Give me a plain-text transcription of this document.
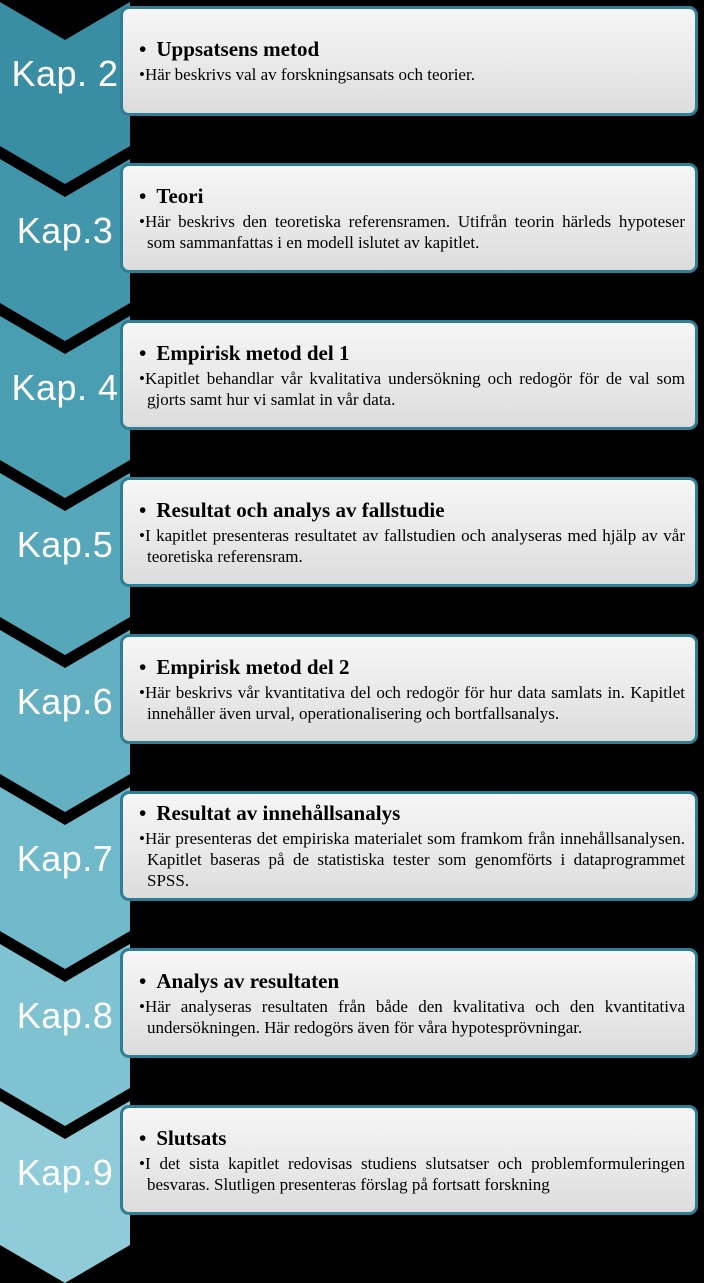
Kap. 2

• Uppsatsens metod

•Här beskrivs val av forskningsansats och teorier.

Kap.3

• Teori

•Här beskrivs den teoretiska referensramen. Utifrån teorin härleds hypoteser som sammanfattas i en modell islutet av kapitlet.

Kap. 4

• Empirisk metod del 1

•Kapitlet behandlar vår kvalitativa undersökning och redogör för de val som gjorts samt hur vi samlat in vår data.

Kap.5

• Resultat och analys av fallstudie

•I kapitlet presenteras resultatet av fallstudien och analyseras med hjälp av vår teoretiska referensram.

Kap.6

• Empirisk metod del 2

•Här beskrivs vår kvantitativa del och redogör för hur data samlats in. Kapitlet innehåller även urval, operationalisering och bortfallsanalys.

Kap.7

• Resultat av innehållsanalys

•Här presenteras det empiriska materialet som framkom från innehållsanalysen. Kapitlet baseras på de statistiska tester som genomförts i dataprogrammet SPSS.

Kap.8

• Analys av resultaten

•Här analyseras resultaten från både den kvalitativa och den kvantitativa undersökningen. Här redogörs även för våra hypotesprövningar.

Kap.9

• Slutsats

•I det sista kapitlet redovisas studiens slutsatser och problemformuleringen besvaras. Slutligen presenteras förslag på fortsatt forskning
